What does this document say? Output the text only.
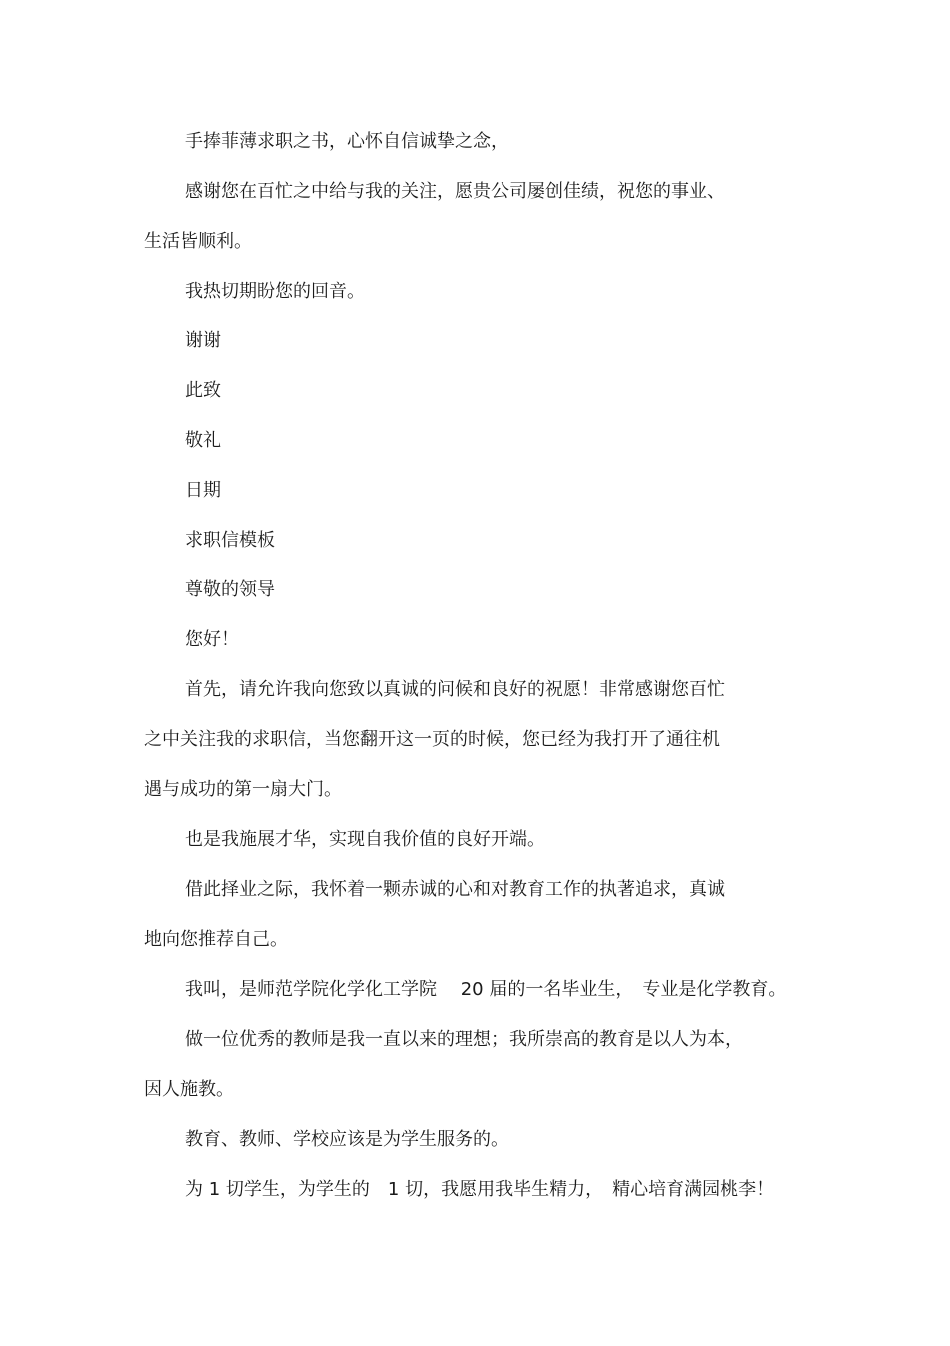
手捧菲薄求职之书，心怀自信诚挚之念，

感谢您在百忙之中给与我的关注，愿贵公司屡创佳绩，祝您的事业、

生活皆顺利。

我热切期盼您的回音。

谢谢

此致

敬礼

日期

求职信模板

尊敬的领导

您好！

首先，请允许我向您致以真诚的问候和良好的祝愿！非常感谢您百忙

之中关注我的求职信，当您翻开这一页的时候，您已经为我打开了通往机

遇与成功的第一扇大门。

也是我施展才华，实现自我价值的良好开端。

借此择业之际，我怀着一颗赤诚的心和对教育工作的执著追求，真诚

地向您推荐自己。

我叫，是师范学院化学化工学院　 20 届的一名毕业生，　专业是化学教育。

做一位优秀的教师是我一直以来的理想；我所崇高的教育是以人为本，

因人施教。

教育、教师、学校应该是为学生服务的。

为 1 切学生，为学生的　1 切，我愿用我毕生精力，　精心培育满园桃李！
